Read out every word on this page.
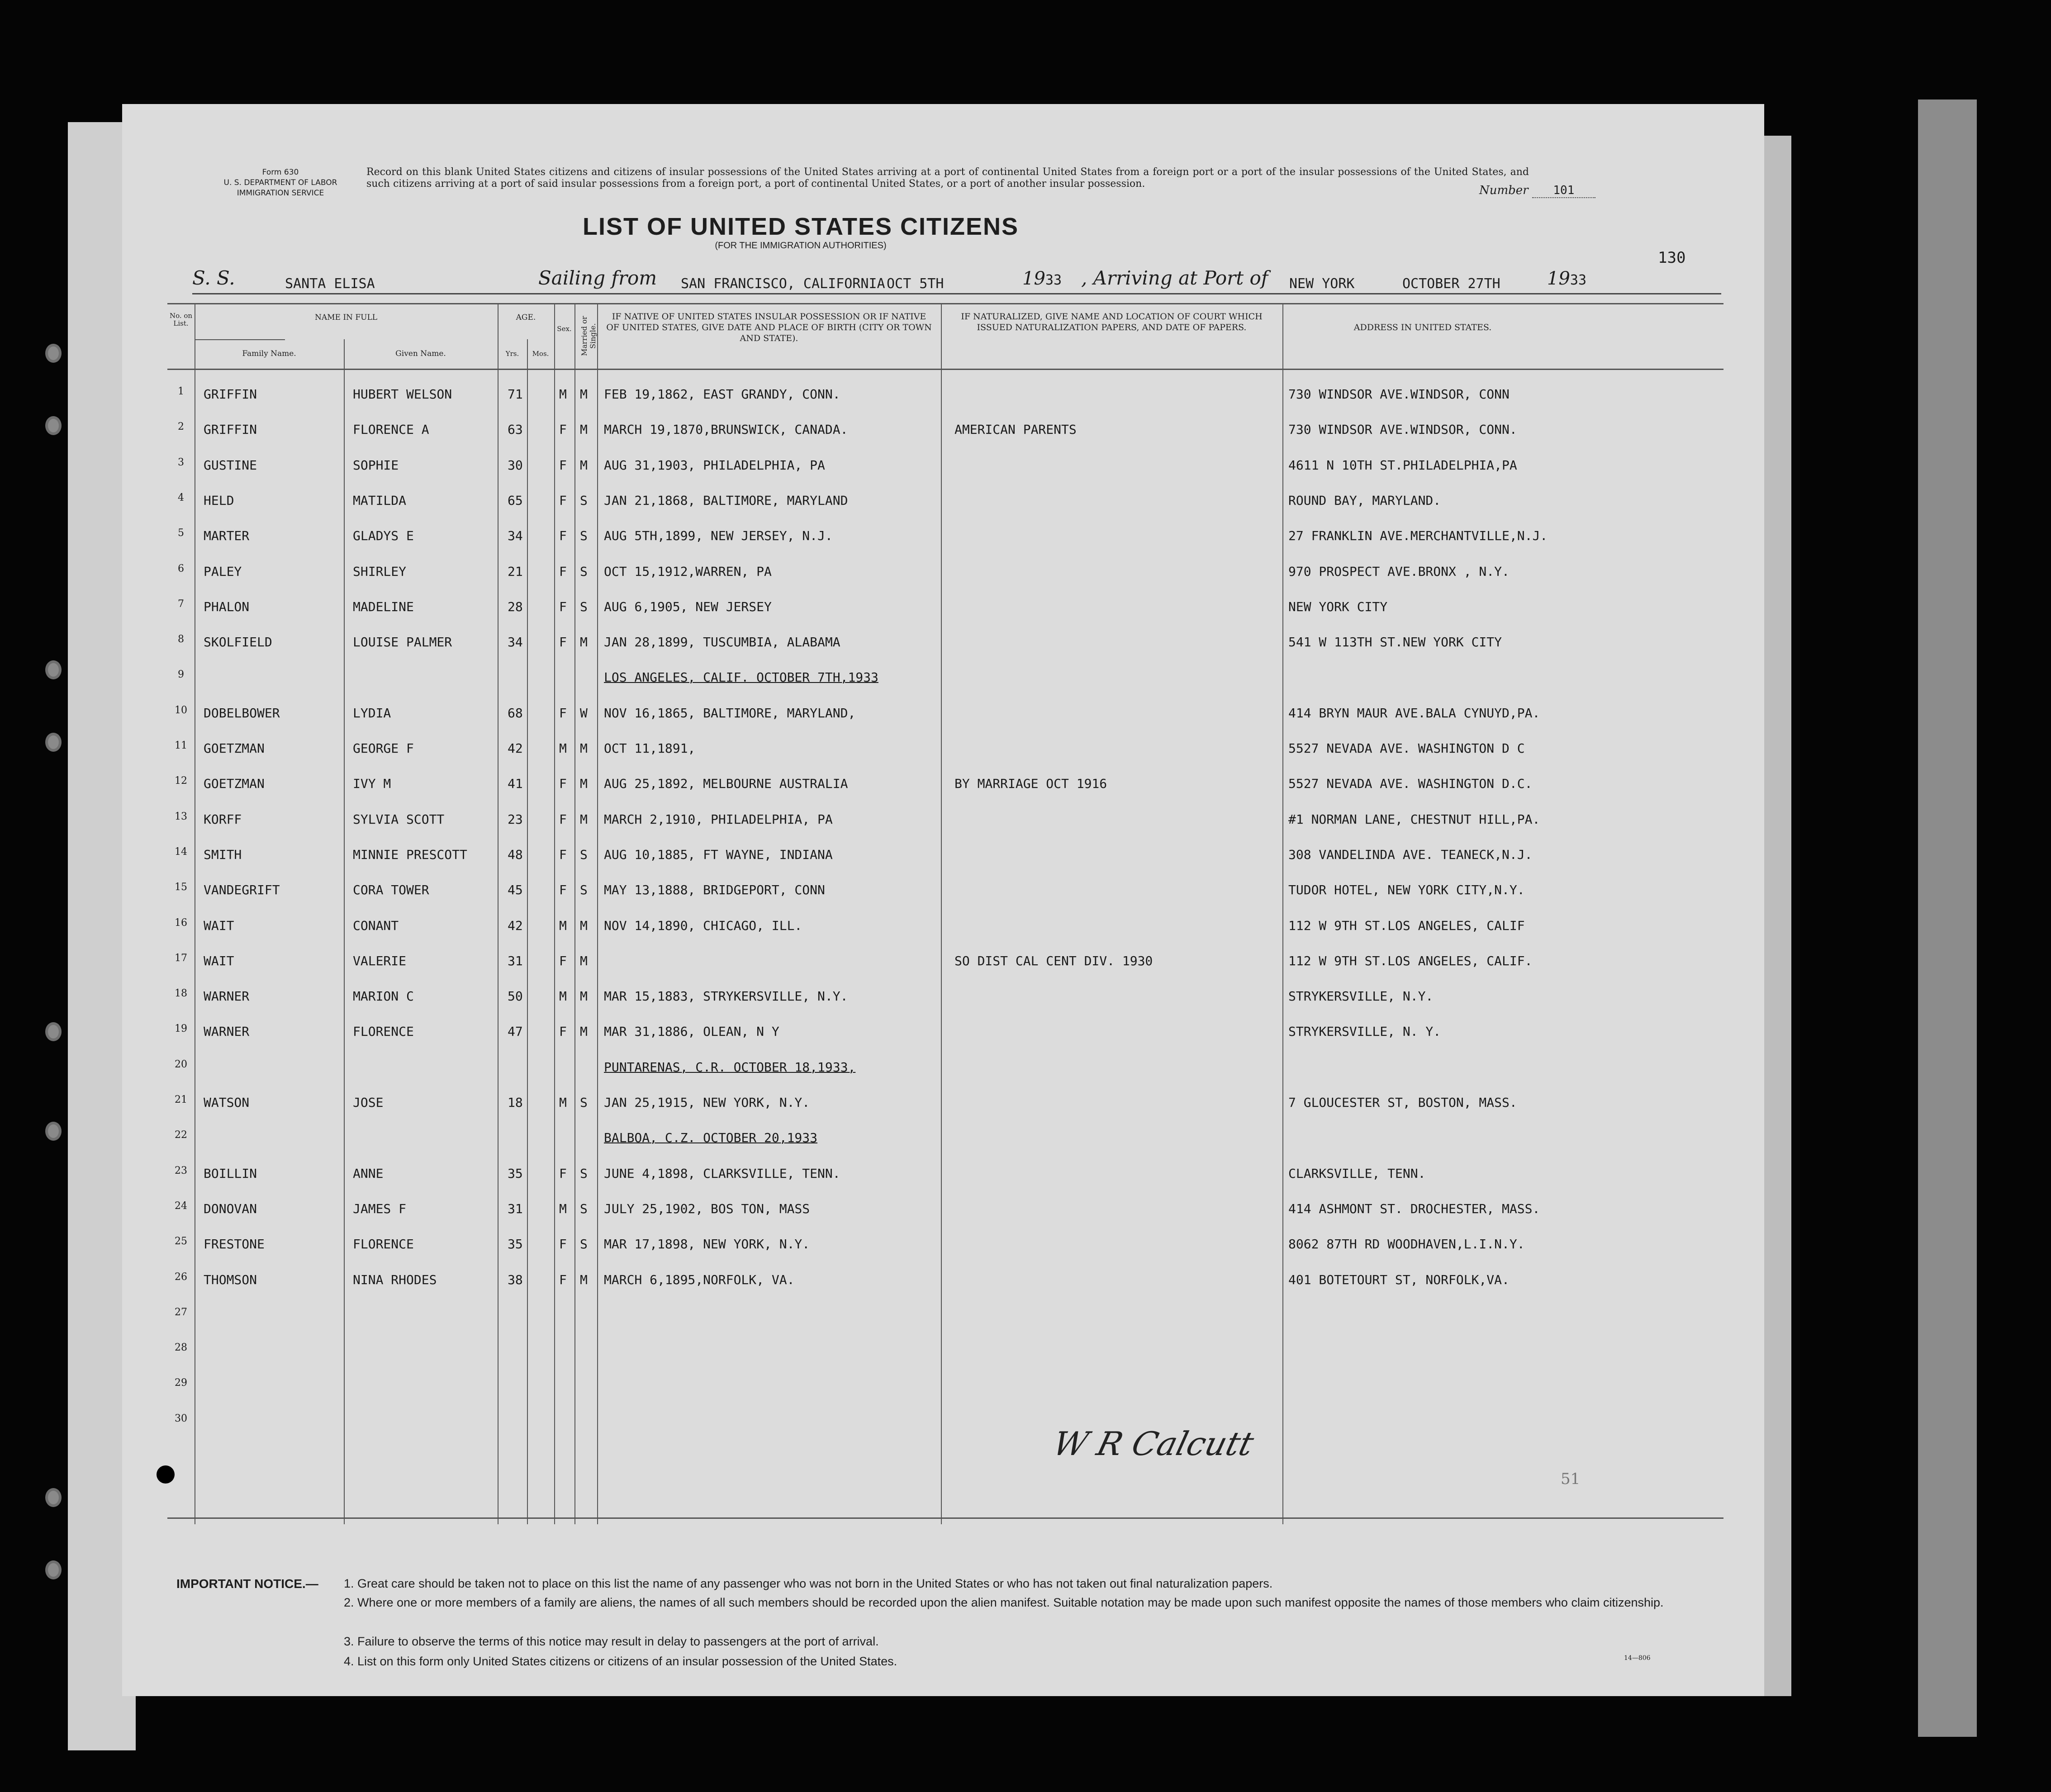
Form 630
U. S. DEPARTMENT OF LABOR
IMMIGRATION SERVICE
Record on this blank United States citizens and citizens of insular possessions of the United States arriving at a port of continental United States from a foreign port or a port of the insular possessions of the United States, and such citizens arriving at a port of said insular possessions from a foreign port, a port of continental United States, or a port of another insular possession.	Number 101
LIST OF UNITED STATES CITIZENS
(FOR THE IMMIGRATION AUTHORITIES)
130
S. S.	SANTA ELISA	Sailing from SAN FRANCISCO, CALIFORNIA OCT 5TH	1933 , Arriving at Port of NEW YORK	OCTOBER 27TH	1933
No. on List.
NAME IN FULL
Family Name.	Given Name.
AGE.
Yrs.	Mos.
Sex.	Married or Single.
IF NATIVE OF UNITED STATES INSULAR POSSESSION OR IF NATIVE OF UNITED STATES, GIVE DATE AND PLACE OF BIRTH (CITY OR TOWN AND STATE).
IF NATURALIZED, GIVE NAME AND LOCATION OF COURT WHICH ISSUED NATURALIZATION PAPERS, AND DATE OF PAPERS.	ADDRESS IN UNITED STATES.
1	GRIFFIN	HUBERT WELSON	71	M M FEB 19,1862, EAST GRANDY, CONN.	730 WINDSOR AVE.WINDSOR, CONN
2	GRIFFIN	FLORENCE A	63	F M MARCH 19,1870,BRUNSWICK, CANADA.	AMERICAN PARENTS	730 WINDSOR AVE.WINDSOR, CONN.
3	GUSTINE	SOPHIE	30	F M AUG 31,1903, PHILADELPHIA, PA	4611 N 10TH ST.PHILADELPHIA,PA
4	HELD	MATILDA	65	F S JAN 21,1868, BALTIMORE, MARYLAND	ROUND BAY, MARYLAND.
5	MARTER	GLADYS E	34	F S AUG 5TH,1899, NEW JERSEY, N.J.	27 FRANKLIN AVE.MERCHANTVILLE,N.J.
6	PALEY	SHIRLEY	21	F S OCT 15,1912,WARREN, PA	970 PROSPECT AVE.BRONX , N.Y.
7	PHALON	MADELINE	28	F S AUG 6,1905, NEW JERSEY	NEW YORK CITY
8	SKOLFIELD	LOUISE PALMER	34	F M JAN 28,1899, TUSCUMBIA, ALABAMA	541 W 113TH ST.NEW YORK CITY
9	LOS ANGELES, CALIF. OCTOBER 7TH,1933
10	DOBELBOWER	LYDIA	68	F W NOV 16,1865, BALTIMORE, MARYLAND,	414 BRYN MAUR AVE.BALA CYNUYD,PA.
11	GOETZMAN	GEORGE F	42	M M OCT 11,1891,	5527 NEVADA AVE. WASHINGTON D C
12	GOETZMAN	IVY M	41	F M AUG 25,1892, MELBOURNE AUSTRALIA	BY MARRIAGE OCT 1916	5527 NEVADA AVE. WASHINGTON D.C.
13	KORFF	SYLVIA SCOTT	23	F M MARCH 2,1910, PHILADELPHIA, PA	#1 NORMAN LANE, CHESTNUT HILL,PA.
14	SMITH	MINNIE PRESCOTT	48	F S AUG 10,1885, FT WAYNE, INDIANA	308 VANDELINDA AVE. TEANECK,N.J.
15	VANDEGRIFT	CORA TOWER	45	F S MAY 13,1888, BRIDGEPORT, CONN	TUDOR HOTEL, NEW YORK CITY,N.Y.
16	WAIT	CONANT	42	M M NOV 14,1890, CHICAGO, ILL.	112 W 9TH ST.LOS ANGELES, CALIF
17	WAIT	VALERIE	31	F M	SO DIST CAL CENT DIV. 1930	112 W 9TH ST.LOS ANGELES, CALIF.
18	WARNER	MARION C	50	M M MAR 15,1883, STRYKERSVILLE, N.Y.	STRYKERSVILLE, N.Y.
19	WARNER	FLORENCE	47	F M MAR 31,1886, OLEAN, N Y	STRYKERSVILLE, N. Y.
20	PUNTARENAS, C.R. OCTOBER 18,1933,
21	WATSON	JOSE	18	M S JAN 25,1915, NEW YORK, N.Y.	7 GLOUCESTER ST, BOSTON, MASS.
22	BALBOA, C.Z. OCTOBER 20,1933
23	BOILLIN	ANNE	35	F S JUNE 4,1898, CLARKSVILLE, TENN.	CLARKSVILLE, TENN.
24	DONOVAN	JAMES F	31	M S JULY 25,1902, BOS TON, MASS	414 ASHMONT ST. DROCHESTER, MASS.
25	FRESTONE	FLORENCE	35	F S MAR 17,1898, NEW YORK, N.Y.	8062 87TH RD WOODHAVEN,L.I.N.Y.
26	THOMSON	NINA RHODES	38	F M MARCH 6,1895,NORFOLK, VA.	401 BOTETOURT ST, NORFOLK,VA.
27
28
29
30
W R Calcutt
51
IMPORTANT NOTICE.— 1. Great care should be taken not to place on this list the name of any passenger who was not born in the United States or who has not taken out final naturalization papers.
2. Where one or more members of a family are aliens, the names of all such members should be recorded upon the alien manifest. Suitable notation may be made upon such manifest opposite the names of those members who claim citizenship.
3. Failure to observe the terms of this notice may result in delay to passengers at the port of arrival.
4. List on this form only United States citizens or citizens of an insular possession of the United States.	14—806
